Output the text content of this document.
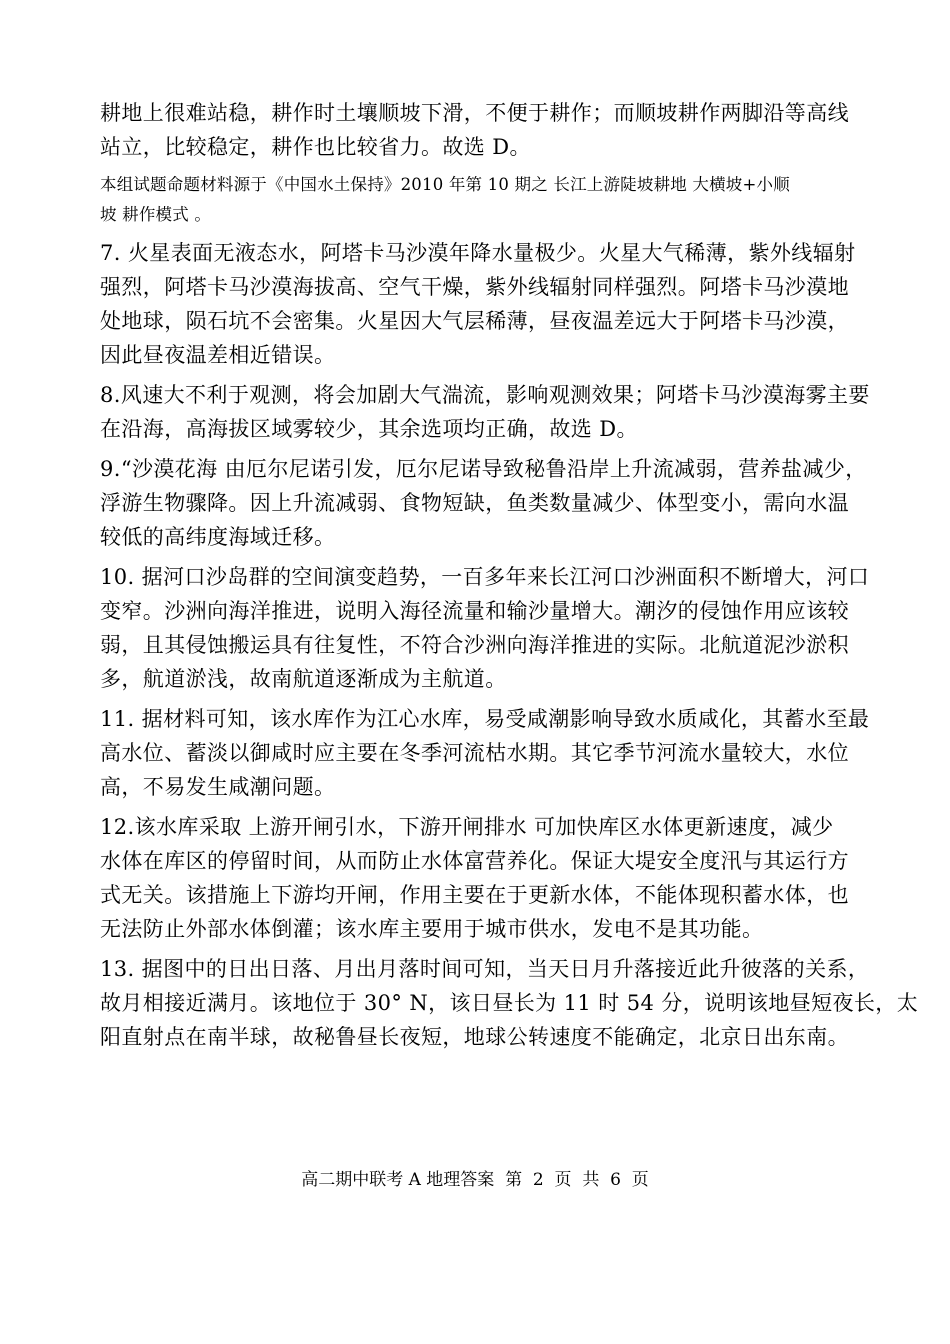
耕地上很难站稳，耕作时土壤顺坡下滑，不便于耕作；而顺坡耕作两脚沿等高线
站立，比较稳定，耕作也比较省力。故选 D。
本组试题命题材料源于《中国水土保持》2010 年第 10 期之 长江上游陡坡耕地 大横坡+小顺
坡 耕作模式 。
7. 火星表面无液态水，阿塔卡马沙漠年降水量极少。火星大气稀薄，紫外线辐射
强烈，阿塔卡马沙漠海拔高、空气干燥，紫外线辐射同样强烈。阿塔卡马沙漠地
处地球，陨石坑不会密集。火星因大气层稀薄，昼夜温差远大于阿塔卡马沙漠，
因此昼夜温差相近错误。
8.风速大不利于观测，将会加剧大气湍流，影响观测效果；阿塔卡马沙漠海雾主要
在沿海，高海拔区域雾较少，其余选项均正确，故选 D。
9.“沙漠花海 由厄尔尼诺引发，厄尔尼诺导致秘鲁沿岸上升流减弱，营养盐减少，
浮游生物骤降。因上升流减弱、食物短缺，鱼类数量减少、体型变小，需向水温
较低的高纬度海域迁移。
10. 据河口沙岛群的空间演变趋势，一百多年来长江河口沙洲面积不断增大，河口
变窄。沙洲向海洋推进，说明入海径流量和输沙量增大。潮汐的侵蚀作用应该较
弱，且其侵蚀搬运具有往复性，不符合沙洲向海洋推进的实际。北航道泥沙淤积
多，航道淤浅，故南航道逐渐成为主航道。
11. 据材料可知，该水库作为江心水库，易受咸潮影响导致水质咸化，其蓄水至最
高水位、蓄淡以御咸时应主要在冬季河流枯水期。其它季节河流水量较大，水位
高，不易发生咸潮问题。
12.该水库采取 上游开闸引水，下游开闸排水 可加快库区水体更新速度，减少
水体在库区的停留时间，从而防止水体富营养化。保证大堤安全度汛与其运行方
式无关。该措施上下游均开闸，作用主要在于更新水体，不能体现积蓄水体，也
无法防止外部水体倒灌；该水库主要用于城市供水，发电不是其功能。
13. 据图中的日出日落、月出月落时间可知，当天日月升落接近此升彼落的关系，
故月相接近满月。该地位于 30° N，该日昼长为 11 时 54 分，说明该地昼短夜长，太
阳直射点在南半球，故秘鲁昼长夜短，地球公转速度不能确定，北京日出东南。
高二期中联考 A 地理答案  第  2  页  共  6  页
